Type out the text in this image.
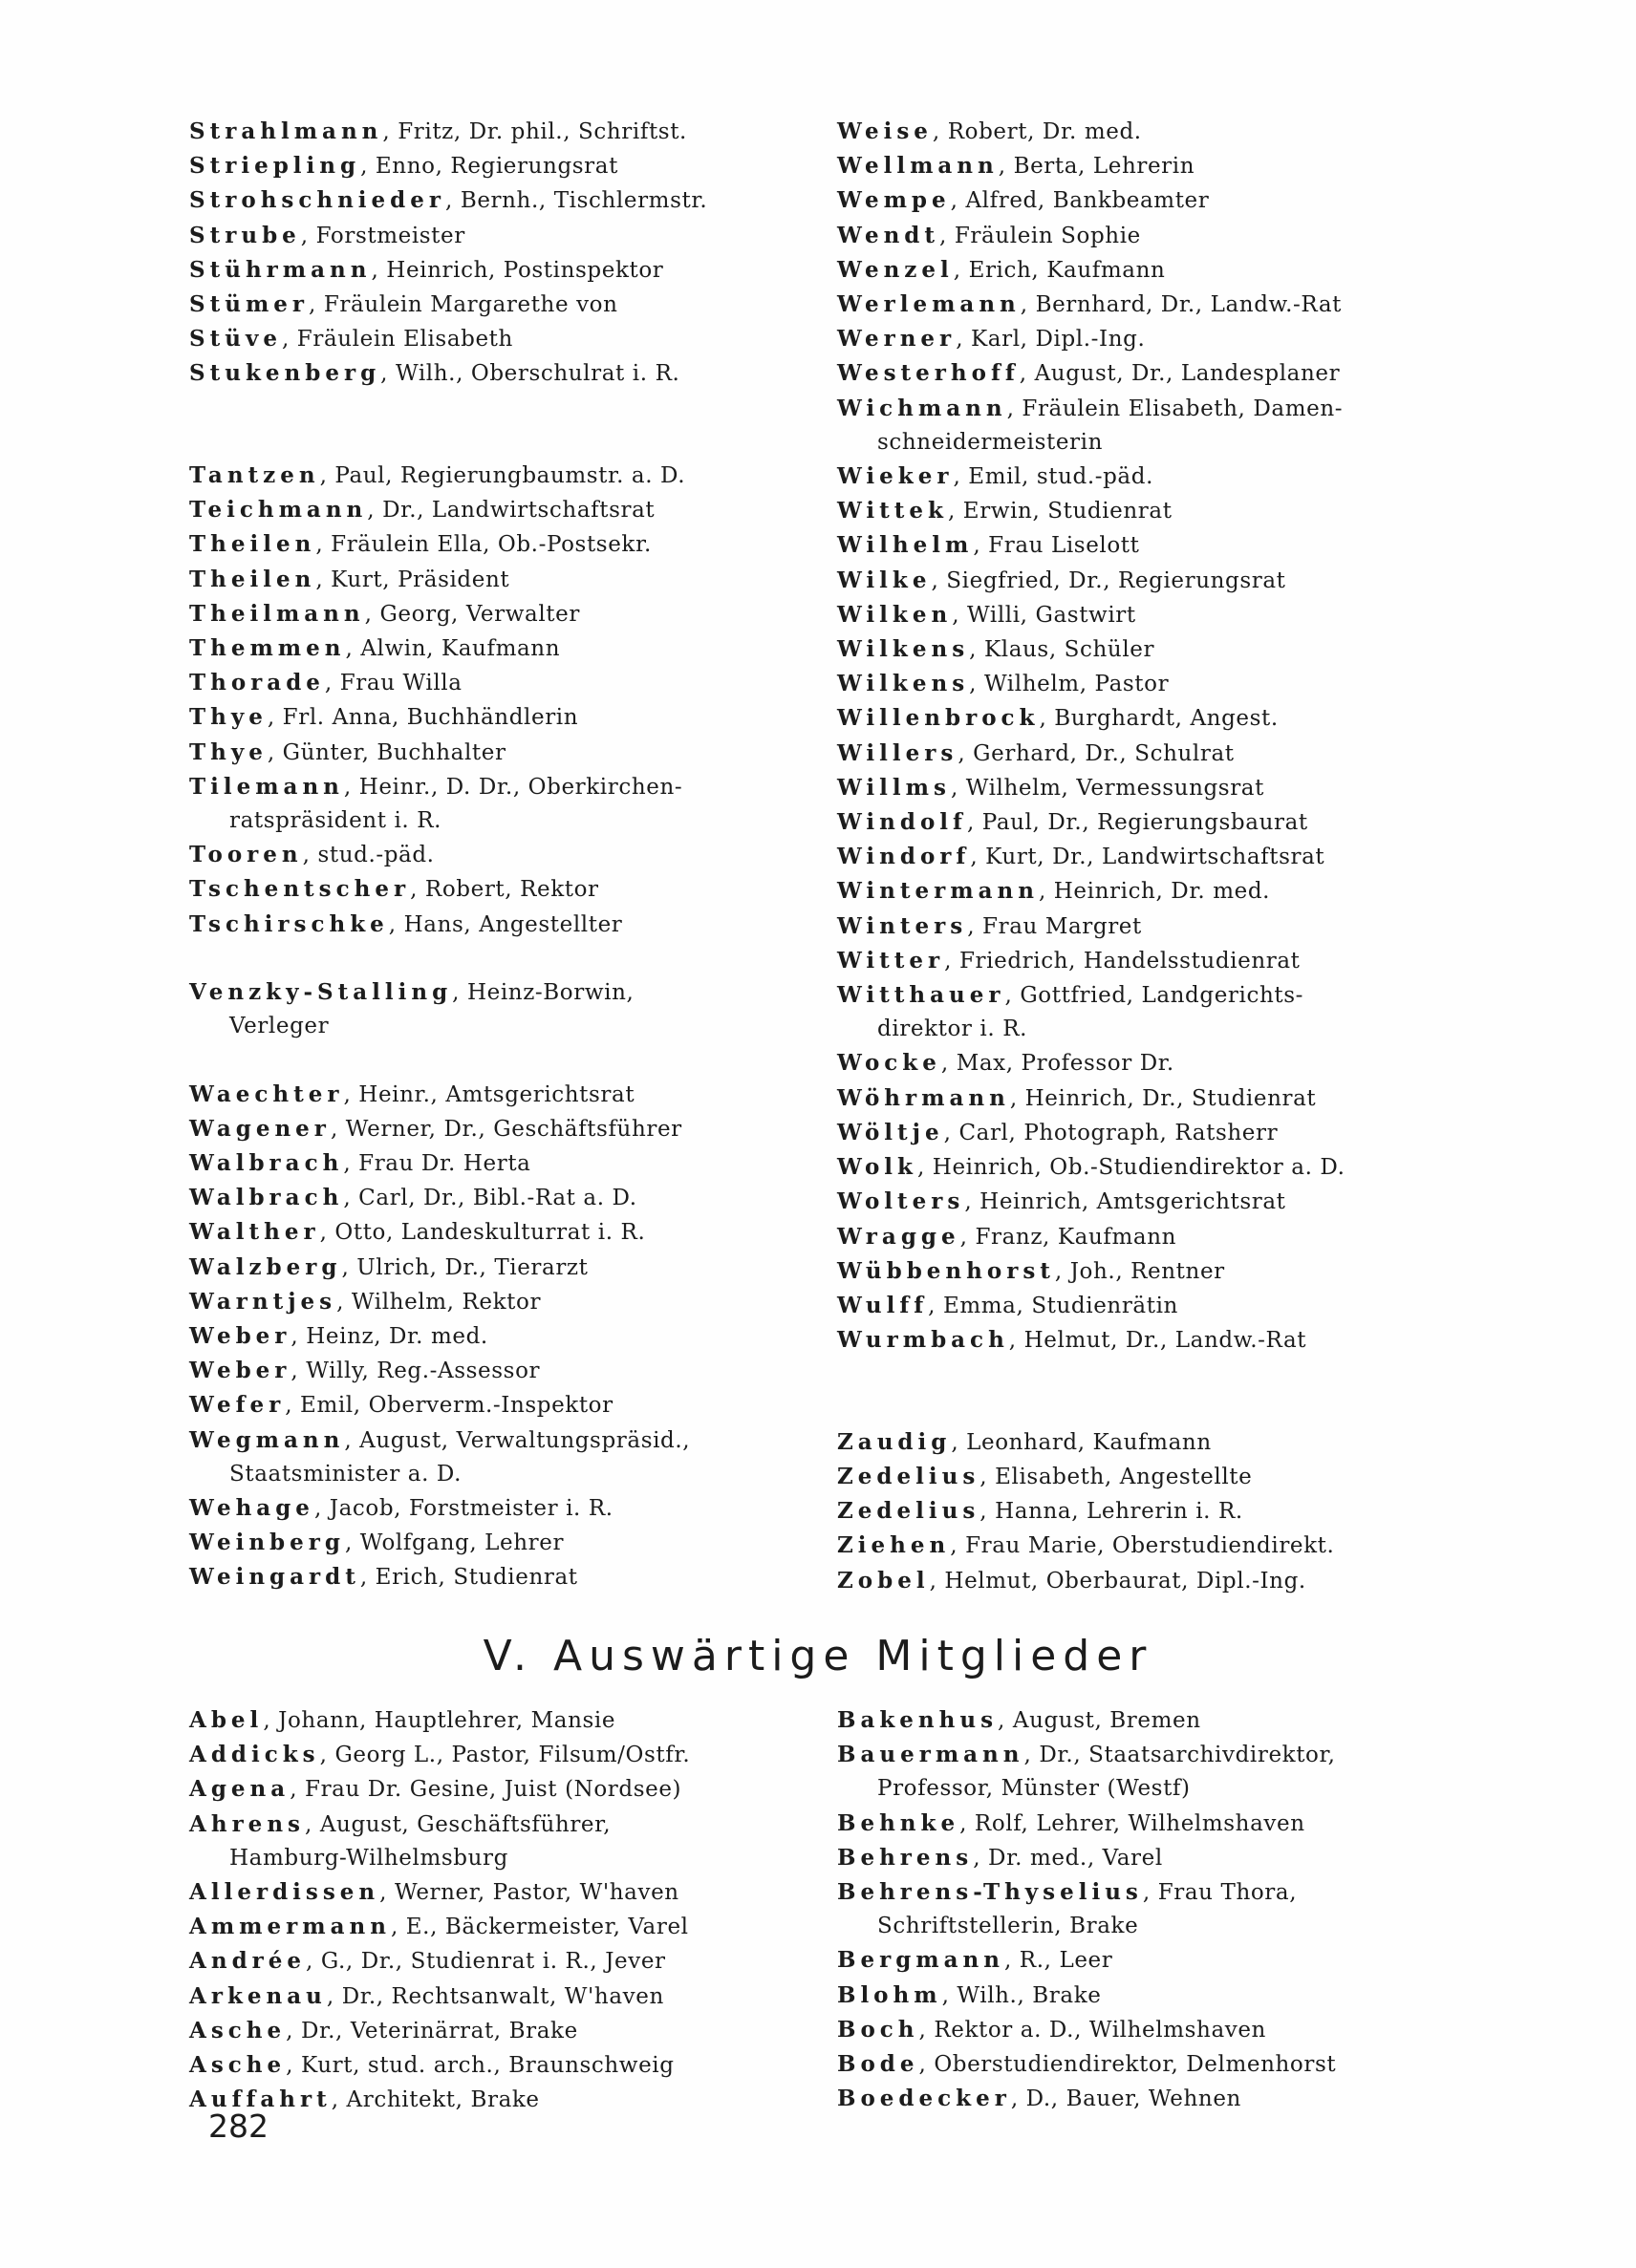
Strahlmann, Fritz, Dr. phil., Schriftst.
Striepling, Enno, Regierungsrat
Strohschnieder, Bernh., Tischlermstr.
Strube, Forstmeister
Stührmann, Heinrich, Postinspektor
Stümer, Fräulein Margarethe von
Stüve, Fräulein Elisabeth
Stukenberg, Wilh., Oberschulrat i. R.
Tantzen, Paul, Regierungbaumstr. a. D.
Teichmann, Dr., Landwirtschaftsrat
Theilen, Fräulein Ella, Ob.-Postsekr.
Theilen, Kurt, Präsident
Theilmann, Georg, Verwalter
Themmen, Alwin, Kaufmann
Thorade, Frau Willa
Thye, Frl. Anna, Buchhändlerin
Thye, Günter, Buchhalter
Tilemann, Heinr., D. Dr., Oberkirchen-
ratspräsident i. R.
Tooren, stud.-päd.
Tschentscher, Robert, Rektor
Tschirschke, Hans, Angestellter
Venzky-Stalling, Heinz-Borwin,
Verleger
Waechter, Heinr., Amtsgerichtsrat
Wagener, Werner, Dr., Geschäftsführer
Walbrach, Frau Dr. Herta
Walbrach, Carl, Dr., Bibl.-Rat a. D.
Walther, Otto, Landeskulturrat i. R.
Walzberg, Ulrich, Dr., Tierarzt
Warntjes, Wilhelm, Rektor
Weber, Heinz, Dr. med.
Weber, Willy, Reg.-Assessor
Wefer, Emil, Oberverm.-Inspektor
Wegmann, August, Verwaltungspräsid.,
Staatsminister a. D.
Wehage, Jacob, Forstmeister i. R.
Weinberg, Wolfgang, Lehrer
Weingardt, Erich, Studienrat
Weise, Robert, Dr. med.
Wellmann, Berta, Lehrerin
Wempe, Alfred, Bankbeamter
Wendt, Fräulein Sophie
Wenzel, Erich, Kaufmann
Werlemann, Bernhard, Dr., Landw.-Rat
Werner, Karl, Dipl.-Ing.
Westerhoff, August, Dr., Landesplaner
Wichmann, Fräulein Elisabeth, Damen-
schneidermeisterin
Wieker, Emil, stud.-päd.
Wittek, Erwin, Studienrat
Wilhelm, Frau Liselott
Wilke, Siegfried, Dr., Regierungsrat
Wilken, Willi, Gastwirt
Wilkens, Klaus, Schüler
Wilkens, Wilhelm, Pastor
Willenbrock, Burghardt, Angest.
Willers, Gerhard, Dr., Schulrat
Willms, Wilhelm, Vermessungsrat
Windolf, Paul, Dr., Regierungsbaurat
Windorf, Kurt, Dr., Landwirtschaftsrat
Wintermann, Heinrich, Dr. med.
Winters, Frau Margret
Witter, Friedrich, Handelsstudienrat
Witthauer, Gottfried, Landgerichts-
direktor i. R.
Wocke, Max, Professor Dr.
Wöhrmann, Heinrich, Dr., Studienrat
Wöltje, Carl, Photograph, Ratsherr
Wolk, Heinrich, Ob.-Studiendirektor a. D.
Wolters, Heinrich, Amtsgerichtsrat
Wragge, Franz, Kaufmann
Wübbenhorst, Joh., Rentner
Wulff, Emma, Studienrätin
Wurmbach, Helmut, Dr., Landw.-Rat
Zaudig, Leonhard, Kaufmann
Zedelius, Elisabeth, Angestellte
Zedelius, Hanna, Lehrerin i. R.
Ziehen, Frau Marie, Oberstudiendirekt.
Zobel, Helmut, Oberbaurat, Dipl.-Ing.
V. Auswärtige Mitglieder
Abel, Johann, Hauptlehrer, Mansie
Addicks, Georg L., Pastor, Filsum/Ostfr.
Agena, Frau Dr. Gesine, Juist (Nordsee)
Ahrens, August, Geschäftsführer,
Hamburg-Wilhelmsburg
Allerdissen, Werner, Pastor, W'haven
Ammermann, E., Bäckermeister, Varel
Andrée, G., Dr., Studienrat i. R., Jever
Arkenau, Dr., Rechtsanwalt, W'haven
Asche, Dr., Veterinärrat, Brake
Asche, Kurt, stud. arch., Braunschweig
Auffahrt, Architekt, Brake
Bakenhus, August, Bremen
Bauermann, Dr., Staatsarchivdirektor,
Professor, Münster (Westf)
Behnke, Rolf, Lehrer, Wilhelmshaven
Behrens, Dr. med., Varel
Behrens-Thyselius, Frau Thora,
Schriftstellerin, Brake
Bergmann, R., Leer
Blohm, Wilh., Brake
Boch, Rektor a. D., Wilhelmshaven
Bode, Oberstudiendirektor, Delmenhorst
Boedecker, D., Bauer, Wehnen
282
